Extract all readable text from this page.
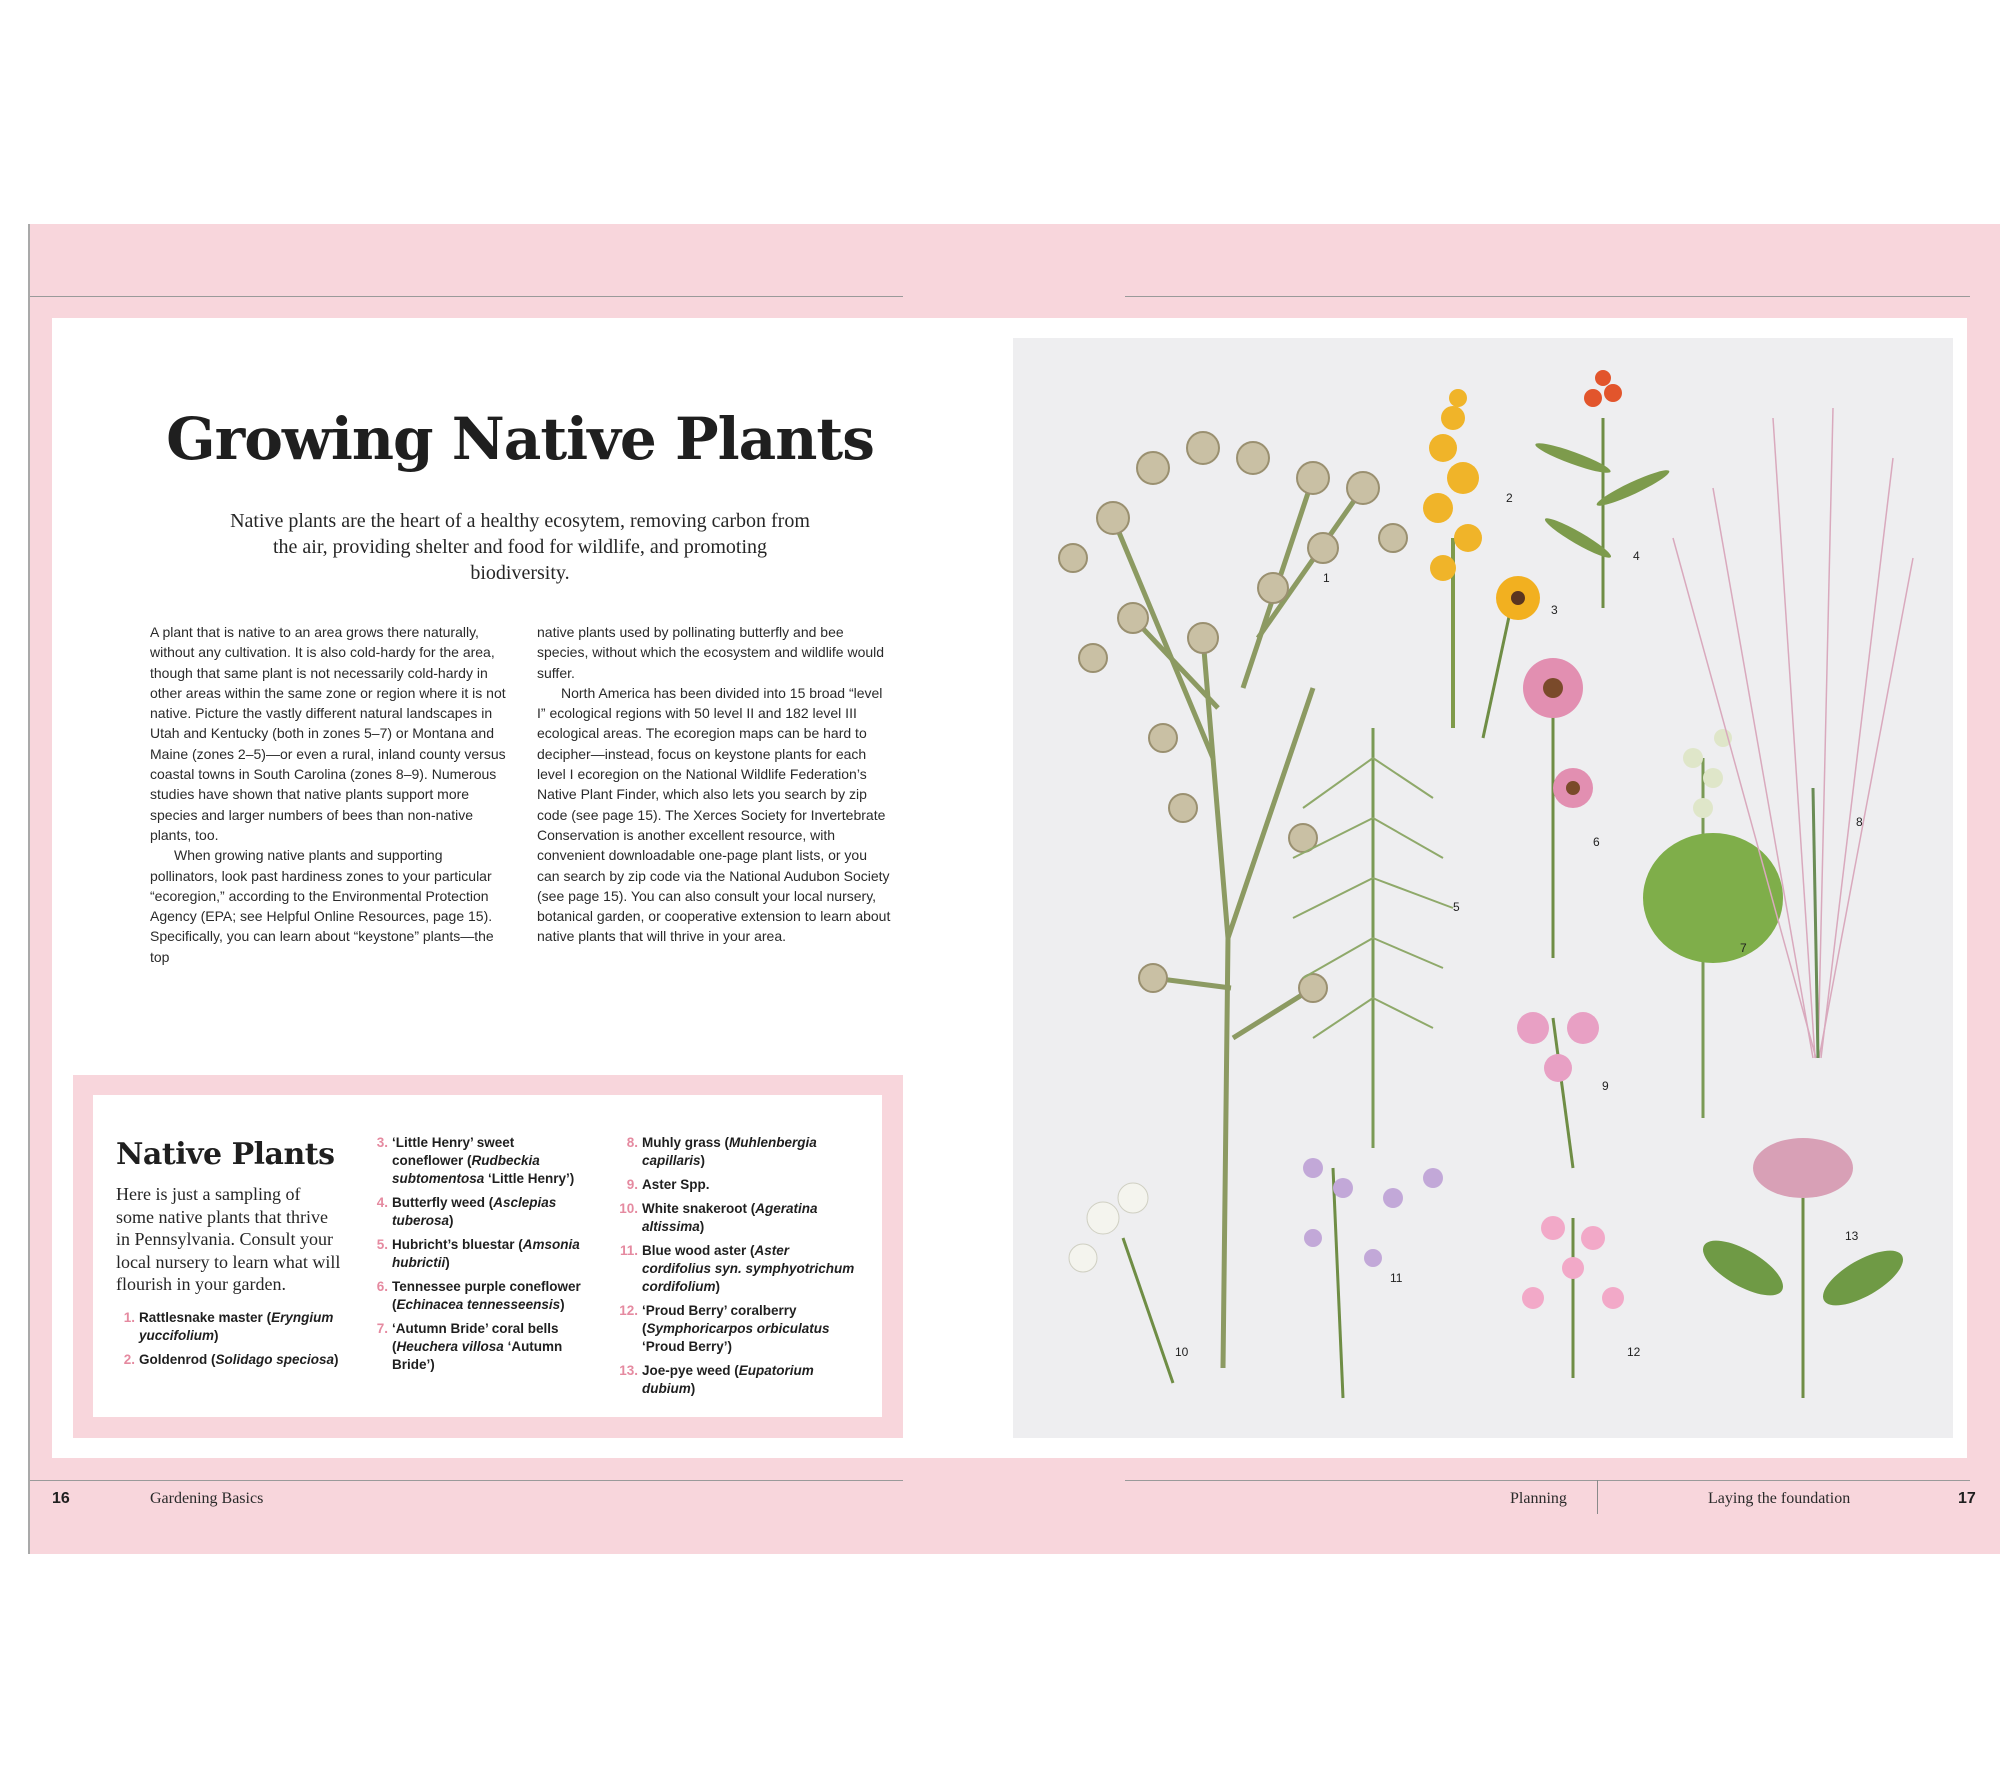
Growing Native Plants

Native plants are the heart of a healthy ecosytem, removing carbon from the air, providing shelter and food for wildlife, and promoting biodiversity.

A plant that is native to an area grows there naturally, without any cultivation. It is also cold-hardy for the area, though that same plant is not necessarily cold-hardy in other areas within the same zone or region where it is not native. Picture the vastly different natural landscapes in Utah and Kentucky (both in zones 5–7) or Montana and Maine (zones 2–5)—or even a rural, inland county versus coastal towns in South Carolina (zones 8–9). Numerous studies have shown that native plants support more species and larger numbers of bees than non-native plants, too.

When growing native plants and supporting pollinators, look past hardiness zones to your particular “ecoregion,” according to the Environmental Protection Agency (EPA; see Helpful Online Resources, page 15). Specifically, you can learn about “keystone” plants—the top

native plants used by pollinating butterfly and bee species, without which the ecosystem and wildlife would suffer.

North America has been divided into 15 broad “level I” ecological regions with 50 level II and 182 level III ecological areas. The ecoregion maps can be hard to decipher—instead, focus on keystone plants for each level I ecoregion on the National Wildlife Federation’s Native Plant Finder, which also lets you search by zip code (see page 15). The Xerces Society for Invertebrate Conservation is another excellent resource, with convenient downloadable one-page plant lists, or you can search by zip code via the National Audubon Society (see page 15). You can also consult your local nursery, botanical garden, or cooperative extension to learn about native plants that will thrive in your area.

Native Plants

Here is just a sampling of some native plants that thrive in Pennsylvania. Consult your local nursery to learn what will flourish in your garden.

1. Rattlesnake master (Eryngium yuccifolium)
2. Goldenrod (Solidago speciosa)
3. ‘Little Henry’ sweet coneflower (Rudbeckia subtomentosa ‘Little Henry’)
4. Butterfly weed (Asclepias tuberosa)
5. Hubricht’s bluestar (Amsonia hubrictii)
6. Tennessee purple coneflower (Echinacea tennesseensis)
7. ‘Autumn Bride’ coral bells (Heuchera villosa ‘Autumn Bride’)
8. Muhly grass (Muhlenbergia capillaris)
9. Aster Spp.
10. White snakeroot (Ageratina altissima)
11. Blue wood aster (Aster cordifolius syn. symphyotrichum cordifolium)
12. ‘Proud Berry’ coralberry (Symphoricarpos orbiculatus ‘Proud Berry’)
13. Joe-pye weed (Eupatorium dubium)
1
2
3
4
5
6
7
8
9
10
11
12
13
16	Gardening Basics	Planning	Laying the foundation	17
